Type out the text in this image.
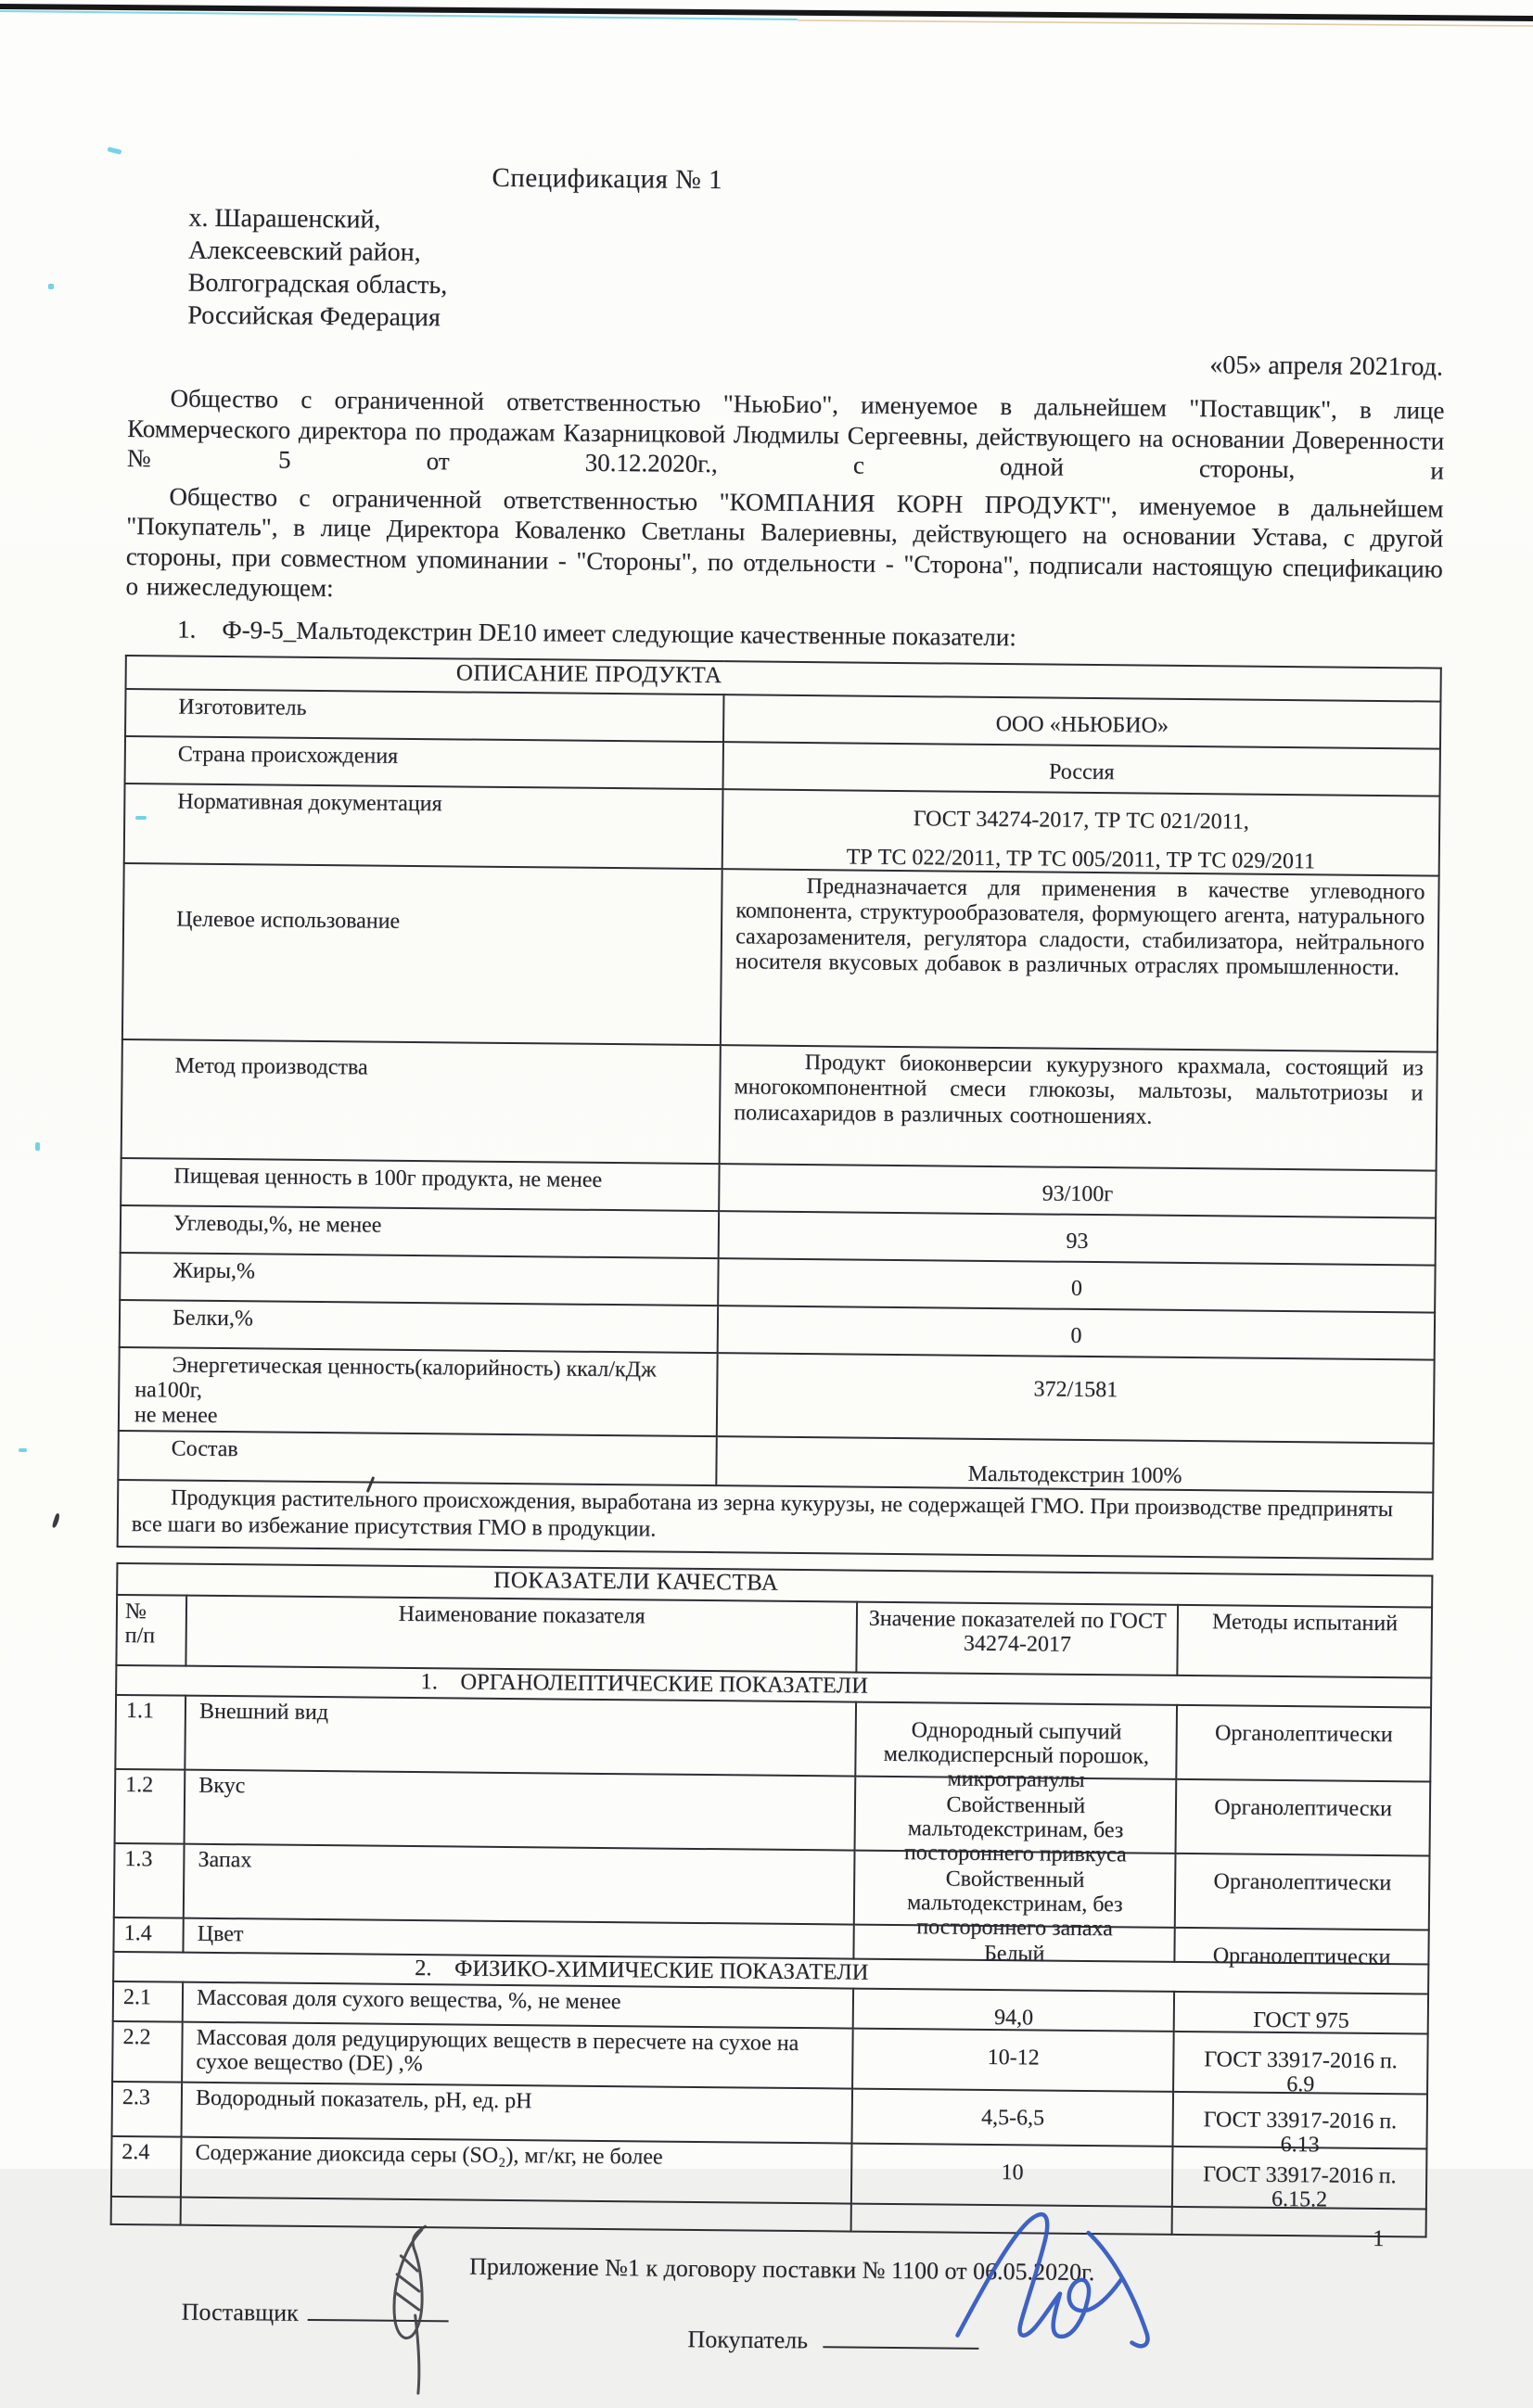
Спецификация № 1
х. Шарашенский,
Алексеевский район,
Волгоградская область,
Российская Федерация
«05» апреля 2021год.

Общество с ограниченной ответственностью "НьюБио", именуемое в дальнейшем "Поставщик", в лице Коммерческого директора по продажам Казарницковой Людмилы Сергеевны, действующего на основании Доверенности №5 от 30.12.2020г., с одной стороны, и

Общество с ограниченной ответственностью "КОМПАНИЯ КОРН ПРОДУКТ", именуемое в дальнейшем "Покупатель", в лице Директора Коваленко Светланы Валериевны, действующего на основании Устава, с другой стороны, при совместном упоминании - "Стороны", по отдельности - "Сторона", подписали настоящую спецификацию о нижеследующем:

1. Ф-9-5_Мальтодекстрин DE10 имеет следующие качественные показатели:
ОПИСАНИЕ ПРОДУКТА	
Изготовитель	ООО «НЬЮБИО»

Страна происхождения	Россия

Нормативная документация	ГОСТ 34274-2017, ТР ТС 021/2011,
ТР ТС 022/2011, ТР ТС 005/2011, ТР ТС 029/2011

Целевое использование	Предназначается для применения в качестве углеводного компонента, структурообразователя, формующего агента, натурального сахарозаменителя, регулятора сладости, стабилизатора, нейтрального носителя вкусовых добавок в различных отраслях промышленности.

Метод производства	Продукт биоконверсии кукурузного крахмала, состоящий из многокомпонентной смеси глюкозы, мальтозы, мальтотриозы и полисахаридов в различных соотношениях.

Пищевая ценность в 100г продукта, не менее	93/100г

Углеводы,%, не менее	93

Жиры,%	0

Белки,%	0

Энергетическая ценность(калорийность) ккал/кДж на100г,
не менее	372/1581

Состав	Мальтодекстрин 100%

Продукция растительного происхождения, выработана из зерна кукурузы, не содержащей ГМО. При производстве предприняты все шаги во избежание присутствия ГМО в продукции.	
ПОКАЗАТЕЛИ КАЧЕСТВА			
№
п/п	Наименование показателя	Значение показателей по ГОСТ
34274-2017	Методы испытаний
1.    ОРГАНОЛЕПТИЧЕСКИЕ ПОКАЗАТЕЛИ			
1.1	Внешний вид	Однородный сыпучий мелкодисперсный порошок, микрогранулы	Органолептически

1.2	Вкус	Свойственный мальтодекстринам, без постороннего привкуса	Органолептически

1.3	Запах	Свойственный мальтодекстринам, без постороннего запаха	Органолептически

1.4	Цвет	Белый	Органолептически

2.    ФИЗИКО-ХИМИЧЕСКИЕ ПОКАЗАТЕЛИ			
2.1	Массовая доля сухого вещества, %, не менее	94,0	ГОСТ 975

2.2	Массовая доля редуцирующих веществ в пересчете на сухое на сухое вещество (DE) ,%	10-12	ГОСТ 33917-2016 п.
6.9

2.3	Водородный показатель, pH, ед. pH	4,5-6,5	ГОСТ 33917-2016 п.
6.13

2.4	Содержание диоксида серы (SO₂), мг/кг, не более	10	ГОСТ 33917-2016 п.
6.15.2

1
Приложение №1 к договору поставки № 1100 от 06.05.2020г.
Поставщик
Покупатель
